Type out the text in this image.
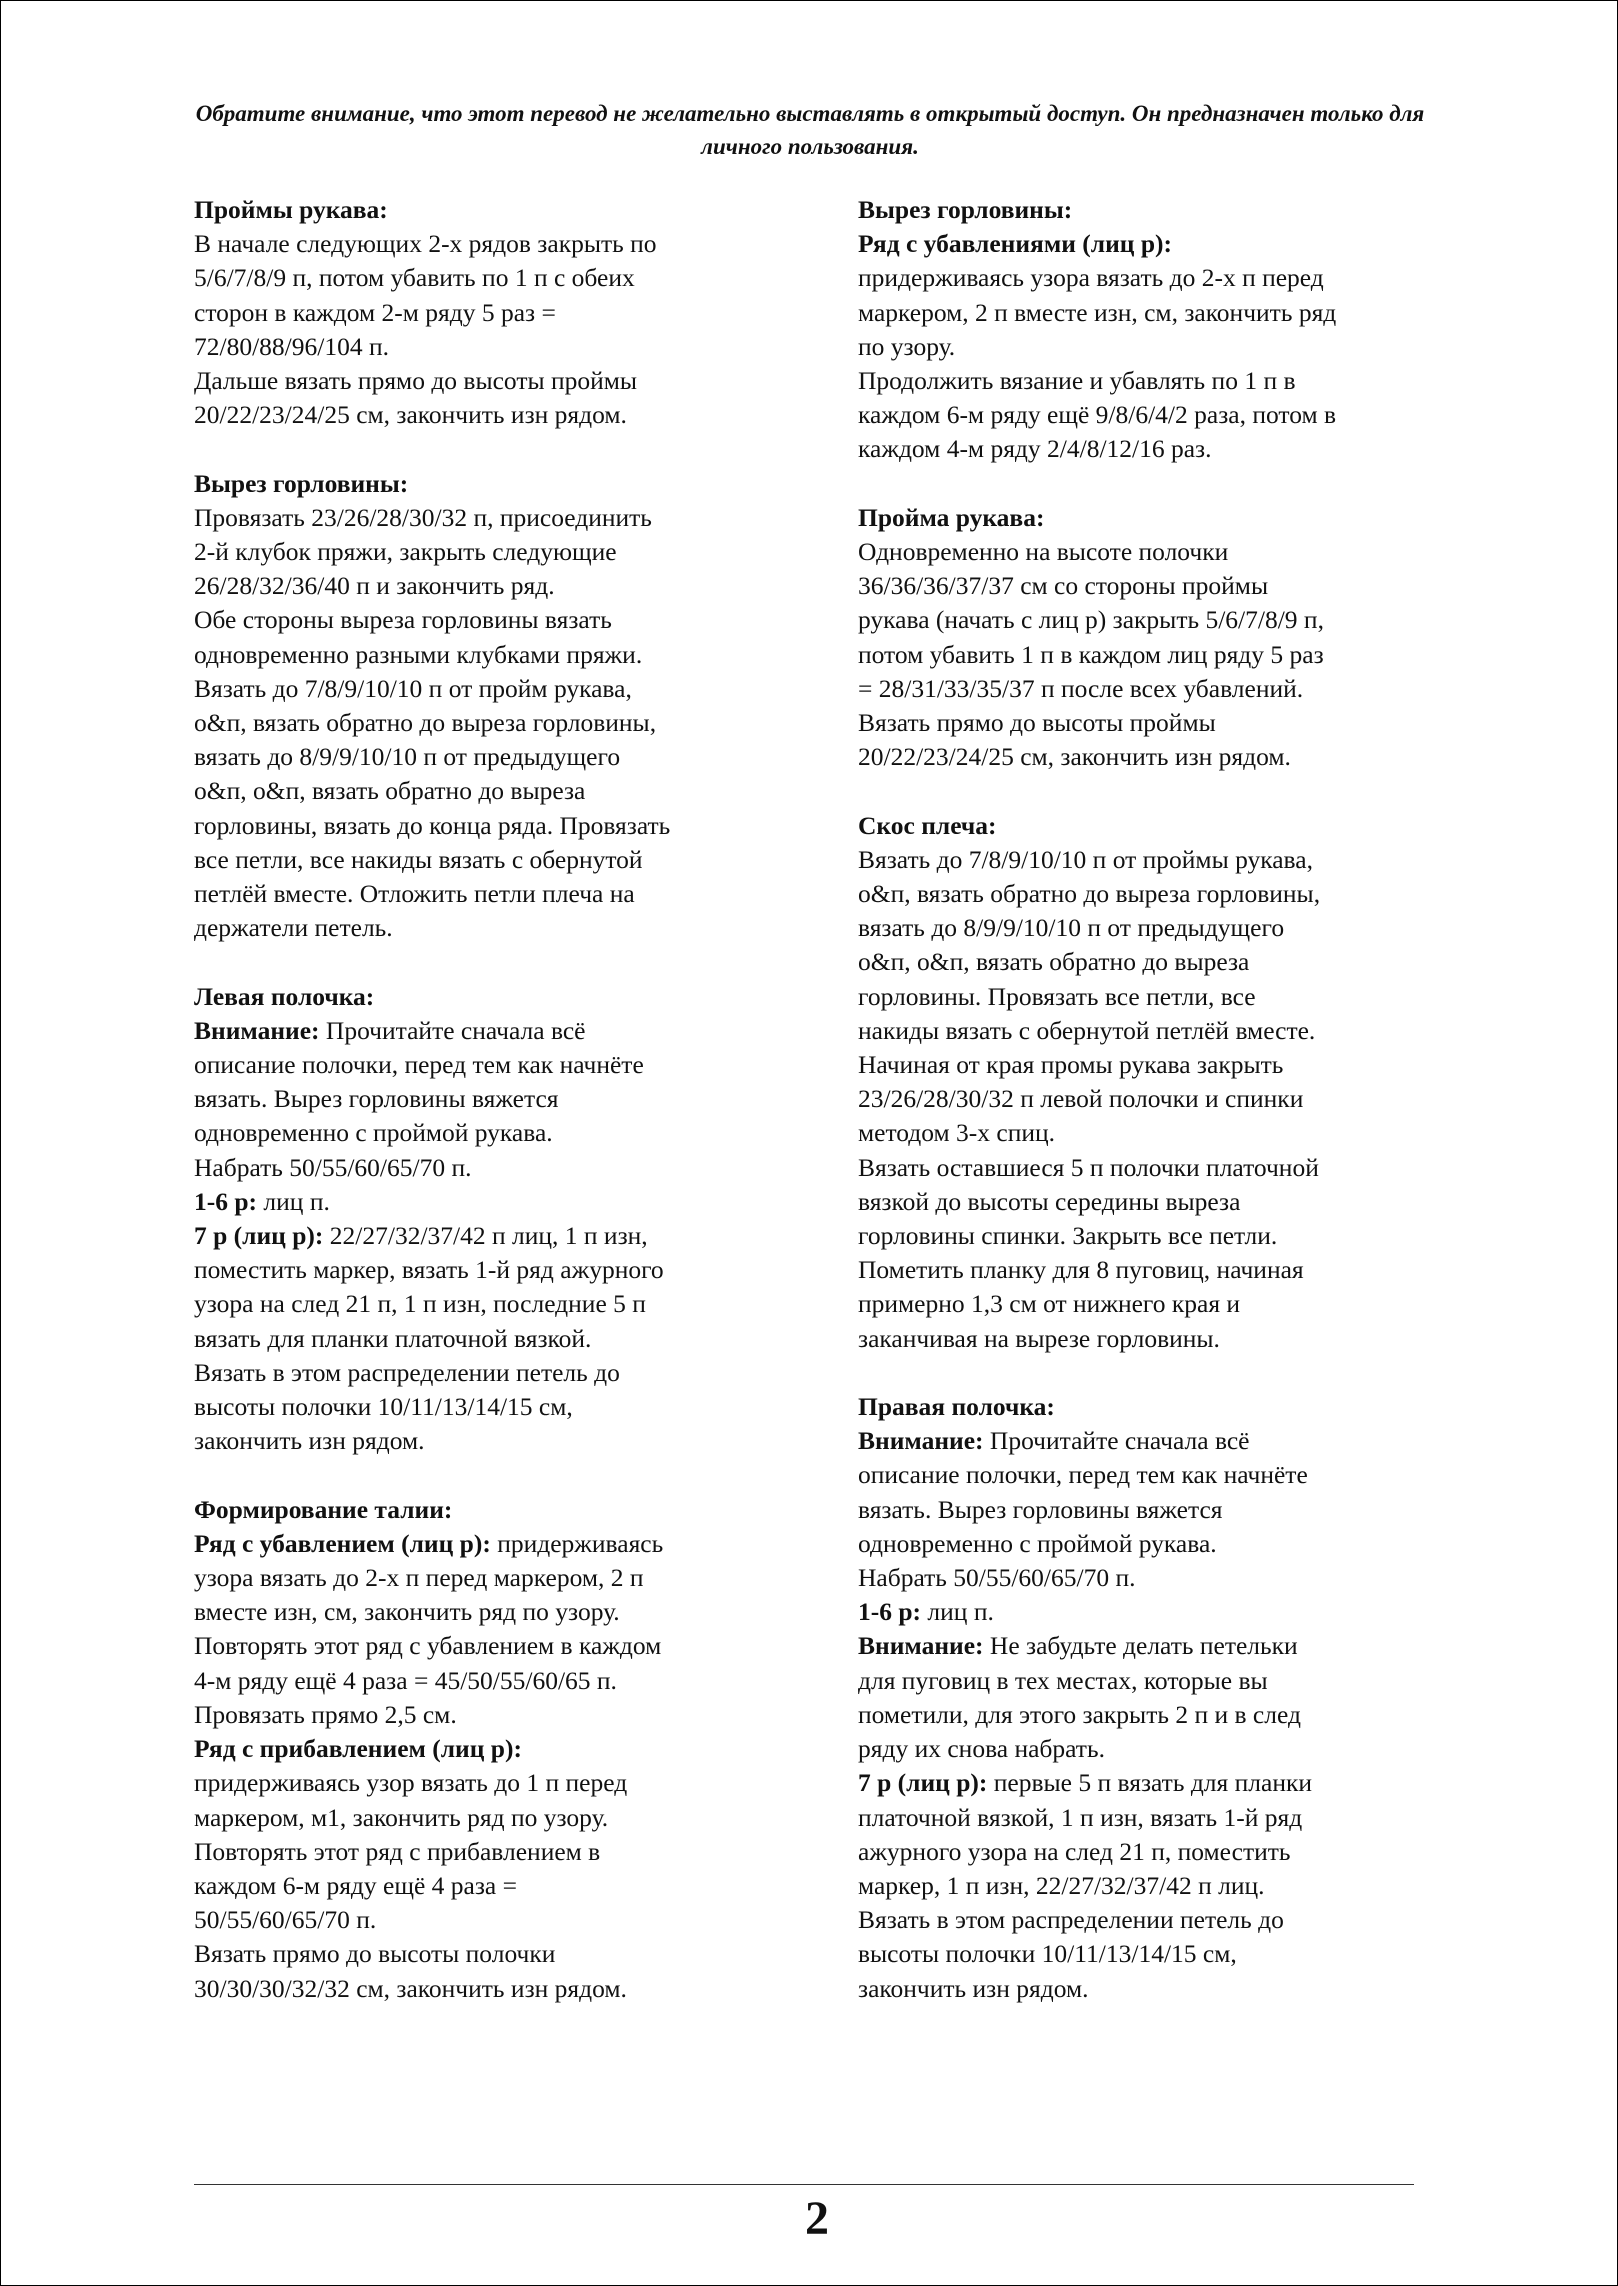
Обратите внимание, что этот перевод не желательно выставлять в открытый доступ. Он предназначен только для личного пользования.

Проймы рукава:

В начале следующих 2-х рядов закрыть по

5/6/7/8/9 п, потом убавить по 1 п с обеих

сторон в каждом 2-м ряду 5 раз =

72/80/88/96/104 п.

Дальше вязать прямо до высоты проймы

20/22/23/24/25 см, закончить изн рядом.

Вырез горловины:

Провязать 23/26/28/30/32 п, присоединить

2-й клубок пряжи, закрыть следующие

26/28/32/36/40 п и закончить ряд.

Обе стороны выреза горловины вязать

одновременно разными клубками пряжи.

Вязать до 7/8/9/10/10 п от пройм рукава,

о&п, вязать обратно до выреза горловины,

вязать до 8/9/9/10/10 п от предыдущего

о&п, о&п, вязать обратно до выреза

горловины, вязать до конца ряда. Провязать

все петли, все накиды вязать с обернутой

петлёй вместе. Отложить петли плеча на

держатели петель.

Левая полочка:

Внимание: Прочитайте сначала всё

описание полочки, перед тем как начнёте

вязать. Вырез горловины вяжется

одновременно с проймой рукава.

Набрать 50/55/60/65/70 п.

1-6 р: лиц п.

7 р (лиц р): 22/27/32/37/42 п лиц, 1 п изн,

поместить маркер, вязать 1-й ряд ажурного

узора на след 21 п, 1 п изн, последние 5 п

вязать для планки платочной вязкой.

Вязать в этом распределении петель до

высоты полочки 10/11/13/14/15 см,

закончить изн рядом.

Формирование талии:

Ряд с убавлением (лиц р): придерживаясь

узора вязать до 2-х п перед маркером, 2 п

вместе изн, см, закончить ряд по узору.

Повторять этот ряд с убавлением в каждом

4-м ряду ещё 4 раза = 45/50/55/60/65 п.

Провязать прямо 2,5 см.

Ряд с прибавлением (лиц р):

придерживаясь узор вязать до 1 п перед

маркером, м1, закончить ряд по узору.

Повторять этот ряд с прибавлением в

каждом 6-м ряду ещё 4 раза =

50/55/60/65/70 п.

Вязать прямо до высоты полочки

30/30/30/32/32 см, закончить изн рядом.

Вырез горловины:

Ряд с убавлениями (лиц р):

придерживаясь узора вязать до 2-х п перед

маркером, 2 п вместе изн, см, закончить ряд

по узору.

Продолжить вязание и убавлять по 1 п в

каждом 6-м ряду ещё 9/8/6/4/2 раза, потом в

каждом 4-м ряду 2/4/8/12/16 раз.

Пройма рукава:

Одновременно на высоте полочки

36/36/36/37/37 см со стороны проймы

рукава (начать с лиц р) закрыть 5/6/7/8/9 п,

потом убавить 1 п в каждом лиц ряду 5 раз

= 28/31/33/35/37 п после всех убавлений.

Вязать прямо до высоты проймы

20/22/23/24/25 см, закончить изн рядом.

Скос плеча:

Вязать до 7/8/9/10/10 п от проймы рукава,

о&п, вязать обратно до выреза горловины,

вязать до 8/9/9/10/10 п от предыдущего

о&п, о&п, вязать обратно до выреза

горловины. Провязать все петли, все

накиды вязать с обернутой петлёй вместе.

Начиная от края промы рукава закрыть

23/26/28/30/32 п левой полочки и спинки

методом 3-х спиц.

Вязать оставшиеся 5 п полочки платочной

вязкой до высоты середины выреза

горловины спинки. Закрыть все петли.

Пометить планку для 8 пуговиц, начиная

примерно 1,3 см от нижнего края и

заканчивая на вырезе горловины.

Правая полочка:

Внимание: Прочитайте сначала всё

описание полочки, перед тем как начнёте

вязать. Вырез горловины вяжется

одновременно с проймой рукава.

Набрать 50/55/60/65/70 п.

1-6 р: лиц п.

Внимание: Не забудьте делать петельки

для пуговиц в тех местах, которые вы

пометили, для этого закрыть 2 п и в след

ряду их снова набрать.

7 р (лиц р): первые 5 п вязать для планки

платочной вязкой, 1 п изн, вязать 1-й ряд

ажурного узора на след 21 п, поместить

маркер, 1 п изн, 22/27/32/37/42 п лиц.

Вязать в этом распределении петель до

высоты полочки 10/11/13/14/15 см,

закончить изн рядом.

2
